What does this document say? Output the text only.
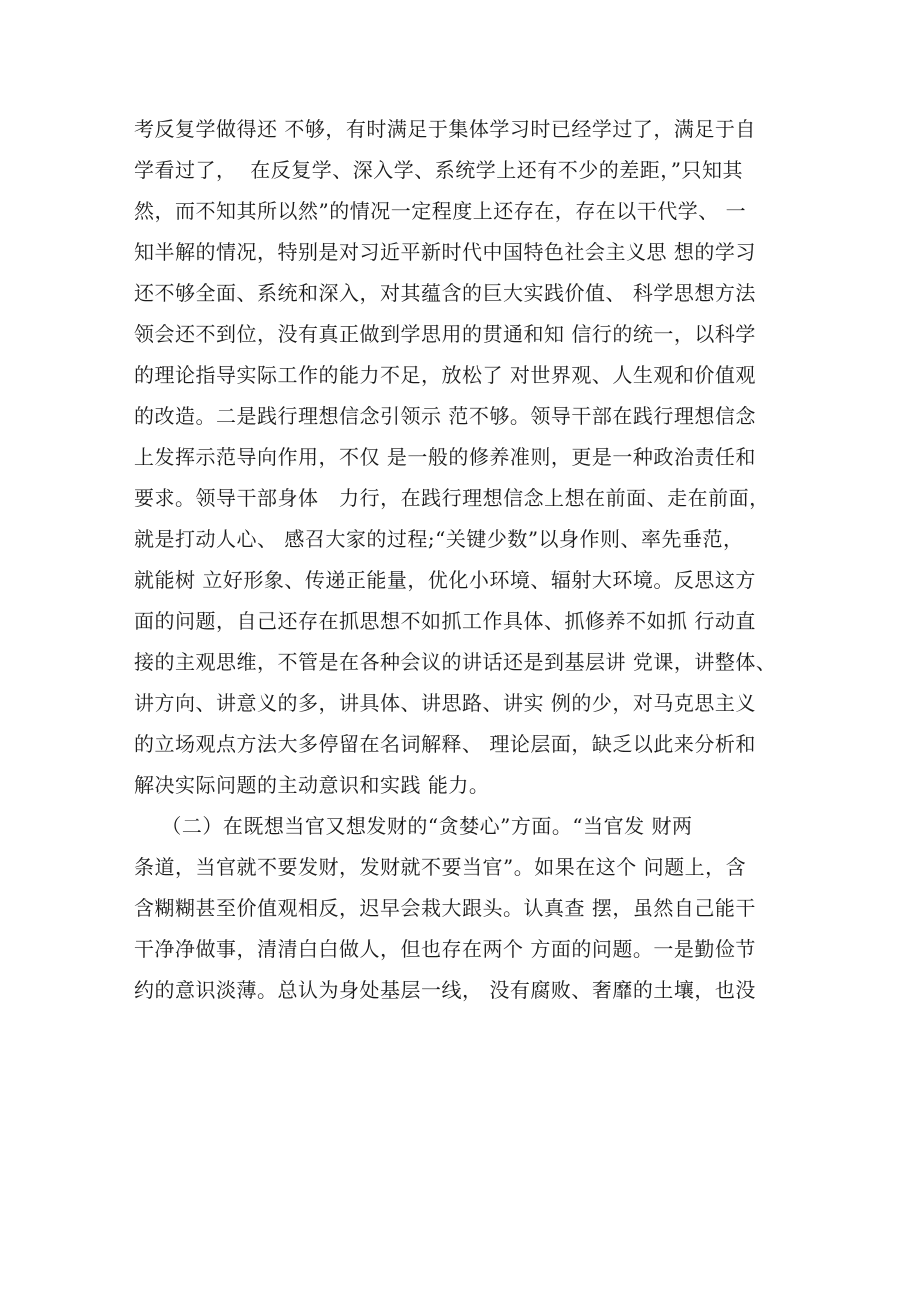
考反复学做得还 不够，有时满足于集体学习时已经学过了，满足于自

学看过了，  在反复学、深入学、系统学上还有不少的差距，”只知其

然，而不知其所以然”的情况一定程度上还存在，存在以干代学、 一

知半解的情况，特别是对习近平新时代中国特色社会主义思 想的学习

还不够全面、系统和深入，对其蕴含的巨大实践价值、 科学思想方法

领会还不到位，没有真正做到学思用的贯通和知 信行的统一，以科学

的理论指导实际工作的能力不足，放松了 对世界观、人生观和价值观

的改造。二是践行理想信念引领示 范不够。领导干部在践行理想信念

上发挥示范导向作用，不仅 是一般的修养准则，更是一种政治责任和

要求。领导干部身体   力行，在践行理想信念上想在前面、走在前面，

就是打动人心、 感召大家的过程;“关键少数”以身作则、率先垂范，

就能树 立好形象、传递正能量，优化小环境、辐射大环境。反思这方

面的问题，自己还存在抓思想不如抓工作具体、抓修养不如抓 行动直

接的主观思维，不管是在各种会议的讲话还是到基层讲 党课，讲整体、

讲方向、讲意义的多，讲具体、讲思路、讲实 例的少，对马克思主义

的立场观点方法大多停留在名词解释、 理论层面，缺乏以此来分析和

解决实际问题的主动意识和实践 能力。

（二）在既想当官又想发财的“贪婪心”方面。“当官发 财两

条道，当官就不要发财，发财就不要当官”。如果在这个 问题上，含

含糊糊甚至价值观相反，迟早会栽大跟头。认真查 摆，虽然自己能干

干净净做事，清清白白做人，但也存在两个 方面的问题。一是勤俭节

约的意识淡薄。总认为身处基层一线， 没有腐败、奢靡的土壤，也没
